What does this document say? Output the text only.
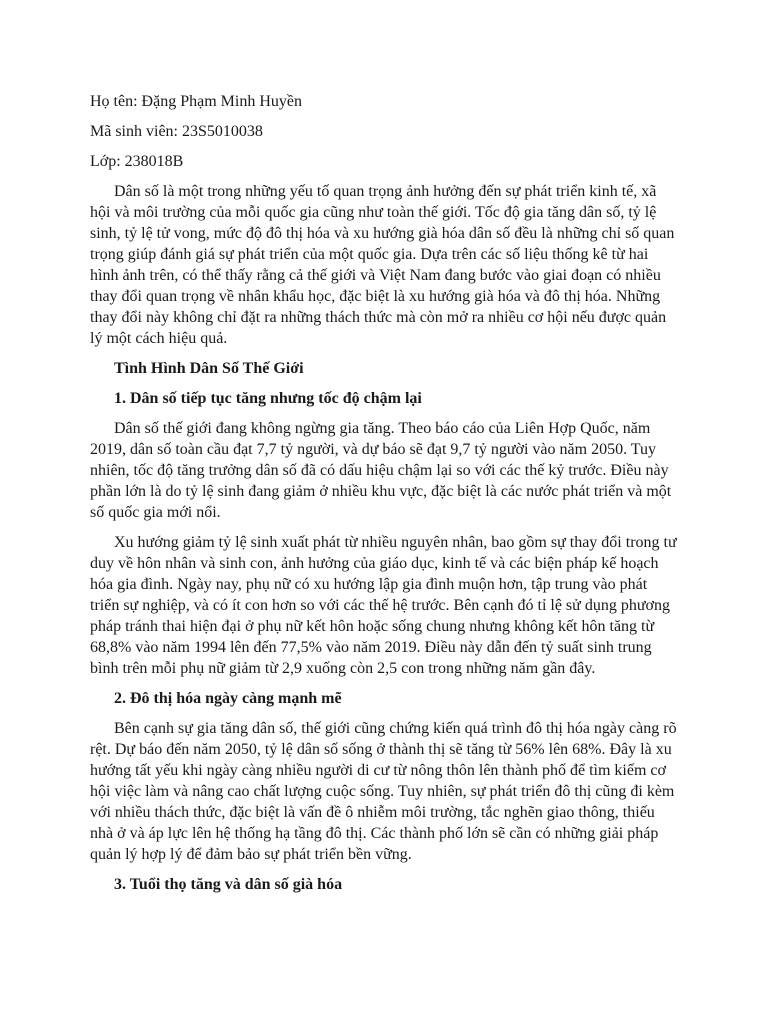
Họ tên: Đặng Phạm Minh Huyền

Mã sinh viên: 23S5010038

Lớp: 238018B

Dân số là một trong những yếu tố quan trọng ảnh hưởng đến sự phát triển kinh tế, xã hội và môi trường của mỗi quốc gia cũng như toàn thế giới. Tốc độ gia tăng dân số, tỷ lệ sinh, tỷ lệ tử vong, mức độ đô thị hóa và xu hướng già hóa dân số đều là những chỉ số quan trọng giúp đánh giá sự phát triển của một quốc gia. Dựa trên các số liệu thống kê từ hai hình ảnh trên, có thể thấy rằng cả thế giới và Việt Nam đang bước vào giai đoạn có nhiều thay đổi quan trọng về nhân khẩu học, đặc biệt là xu hướng già hóa và đô thị hóa. Những thay đổi này không chỉ đặt ra những thách thức mà còn mở ra nhiều cơ hội nếu được quản lý một cách hiệu quả.

Tình Hình Dân Số Thế Giới

1. Dân số tiếp tục tăng nhưng tốc độ chậm lại

Dân số thế giới đang không ngừng gia tăng. Theo báo cáo của Liên Hợp Quốc, năm 2019, dân số toàn cầu đạt 7,7 tỷ người, và dự báo sẽ đạt 9,7 tỷ người vào năm 2050. Tuy nhiên, tốc độ tăng trưởng dân số đã có dấu hiệu chậm lại so với các thế kỷ trước. Điều này phần lớn là do tỷ lệ sinh đang giảm ở nhiều khu vực, đặc biệt là các nước phát triển và một số quốc gia mới nổi.

Xu hướng giảm tỷ lệ sinh xuất phát từ nhiều nguyên nhân, bao gồm sự thay đổi trong tư duy về hôn nhân và sinh con, ảnh hưởng của giáo dục, kinh tế và các biện pháp kế hoạch hóa gia đình. Ngày nay, phụ nữ có xu hướng lập gia đình muộn hơn, tập trung vào phát triển sự nghiệp, và có ít con hơn so với các thế hệ trước. Bên cạnh đó tỉ lệ sử dụng phương pháp tránh thai hiện đại ở phụ nữ kết hôn hoặc sống chung nhưng không kết hôn tăng từ 68,8% vào năm 1994 lên đến 77,5% vào năm 2019. Điều này dẫn đến tỷ suất sinh trung bình trên mỗi phụ nữ giảm từ 2,9 xuống còn 2,5 con trong những năm gần đây.

2. Đô thị hóa ngày càng mạnh mẽ

Bên cạnh sự gia tăng dân số, thế giới cũng chứng kiến quá trình đô thị hóa ngày càng rõ rệt. Dự báo đến năm 2050, tỷ lệ dân số sống ở thành thị sẽ tăng từ 56% lên 68%. Đây là xu hướng tất yếu khi ngày càng nhiều người di cư từ nông thôn lên thành phố để tìm kiếm cơ hội việc làm và nâng cao chất lượng cuộc sống. Tuy nhiên, sự phát triển đô thị cũng đi kèm với nhiều thách thức, đặc biệt là vấn đề ô nhiễm môi trường, tắc nghẽn giao thông, thiếu nhà ở và áp lực lên hệ thống hạ tầng đô thị. Các thành phố lớn sẽ cần có những giải pháp quản lý hợp lý để đảm bảo sự phát triển bền vững.

3. Tuổi thọ tăng và dân số già hóa
